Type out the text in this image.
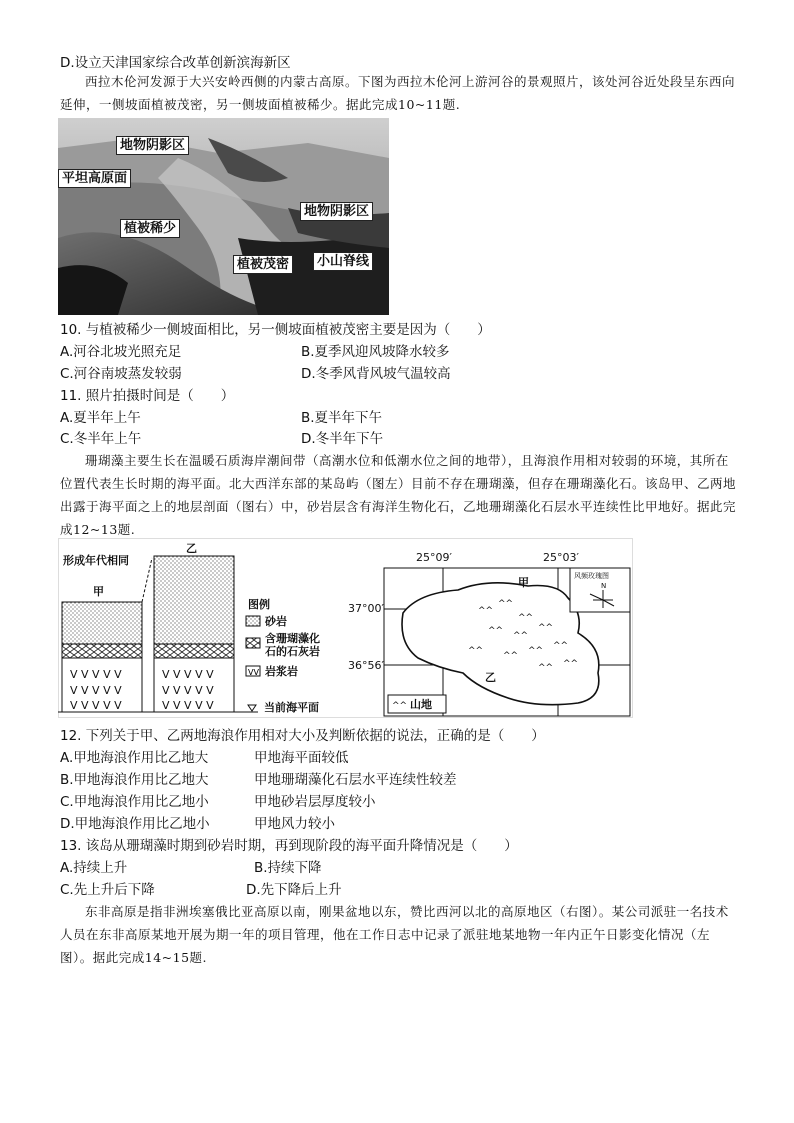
D.设立天津国家综合改革创新滨海新区
西拉木伦河发源于大兴安岭西侧的内蒙古高原。下图为西拉木伦河上游河谷的景观照片，该处河谷近处段呈东西向延伸，一侧坡面植被茂密，另一侧坡面植被稀少。据此完成10~11题.
地物阴影区
平坦高原面
地物阴影区
植被稀少
植被茂密	小山脊线
10. 与植被稀少一侧坡面相比，另一侧坡面植被茂密主要是因为（　　）
A.河谷北坡光照充足	B.夏季风迎风坡降水较多
C.河谷南坡蒸发较弱	D.冬季风背风坡气温较高
11. 照片拍摄时间是（　　）
A.夏半年上午	B.夏半年下午
C.冬半年上午	D.冬半年下午
珊瑚藻主要生长在温暖石质海岸潮间带（高潮水位和低潮水位之间的地带），且海浪作用相对较弱的环境，其所在位置代表生长时期的海平面。北大西洋东部的某岛屿（图左）目前不存在珊瑚藻，但存在珊瑚藻化石。该岛甲、乙两地出露于海平面之上的地层剖面（图右）中，砂岩层含有海洋生物化石，乙地珊瑚藻化石层水平连续性比甲地好。据此完成12~13题.
形成年代相同
甲
V V V V V
V V V V V
V V V V V
乙
V V V V V
V V V V V
V V V V V
图例
砂岩
含珊瑚藻化
石的石灰岩
VV 岩浆岩
当前海平面
25°09′	25°03′
37°00′
36°56′
^^
^^
^^
^^ ^^
^^
^^ ^^
^^
^^ ^^
^^
甲
乙
风频玫瑰图
N
^^ 山地
12. 下列关于甲、乙两地海浪作用相对大小及判断依据的说法，正确的是（　　）
A.甲地海浪作用比乙地大	甲地海平面较低
B.甲地海浪作用比乙地大	甲地珊瑚藻化石层水平连续性较差
C.甲地海浪作用比乙地小	甲地砂岩层厚度较小
D.甲地海浪作用比乙地小	甲地风力较小
13. 该岛从珊瑚藻时期到砂岩时期，再到现阶段的海平面升降情况是（　　）
A.持续上升	B.持续下降
C.先上升后下降	D.先下降后上升
东非高原是指非洲埃塞俄比亚高原以南，刚果盆地以东，赞比西河以北的高原地区（右图）。某公司派驻一名技术人员在东非高原某地开展为期一年的项目管理，他在工作日志中记录了派驻地某地物一年内正午日影变化情况（左图）。据此完成14~15题.
